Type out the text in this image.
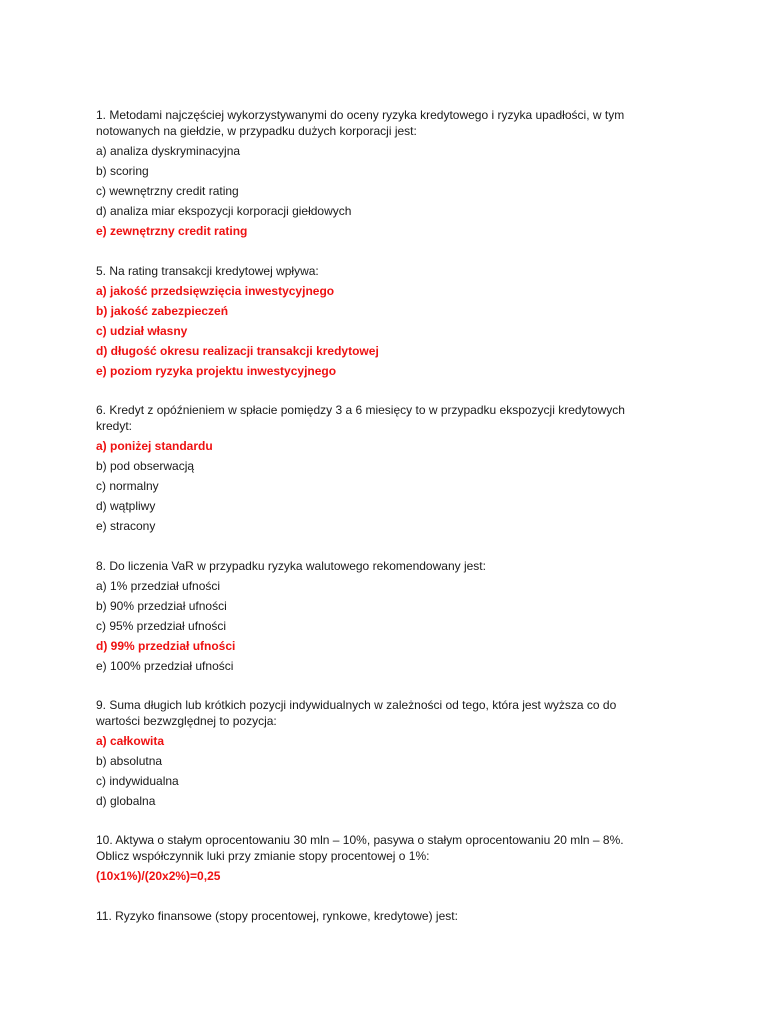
1. Metodami najczęściej wykorzystywanymi do oceny ryzyka kredytowego i ryzyka upadłości, w tym
notowanych na giełdzie, w przypadku dużych korporacji jest:
a) analiza dyskryminacyjna
b) scoring
c) wewnętrzny credit rating
d) analiza miar ekspozycji korporacji giełdowych
e) zewnętrzny credit rating
5. Na rating transakcji kredytowej wpływa:
a) jakość przedsięwzięcia inwestycyjnego
b) jakość zabezpieczeń
c) udział własny
d) długość okresu realizacji transakcji kredytowej
e) poziom ryzyka projektu inwestycyjnego
6. Kredyt z opóźnieniem w spłacie pomiędzy 3 a 6 miesięcy to w przypadku ekspozycji kredytowych
kredyt:
a) poniżej standardu
b) pod obserwacją
c) normalny
d) wątpliwy
e) stracony
8. Do liczenia VaR w przypadku ryzyka walutowego rekomendowany jest:
a) 1% przedział ufności
b) 90% przedział ufności
c) 95% przedział ufności
d) 99% przedział ufności
e) 100% przedział ufności
9. Suma długich lub krótkich pozycji indywidualnych w zależności od tego, która jest wyższa co do
wartości bezwzględnej to pozycja:
a) całkowita
b) absolutna
c) indywidualna
d) globalna
10. Aktywa o stałym oprocentowaniu 30 mln – 10%, pasywa o stałym oprocentowaniu 20 mln – 8%.
Oblicz współczynnik luki przy zmianie stopy procentowej o 1%:
(10x1%)/(20x2%)=0,25
11. Ryzyko finansowe (stopy procentowej, rynkowe, kredytowe) jest:
